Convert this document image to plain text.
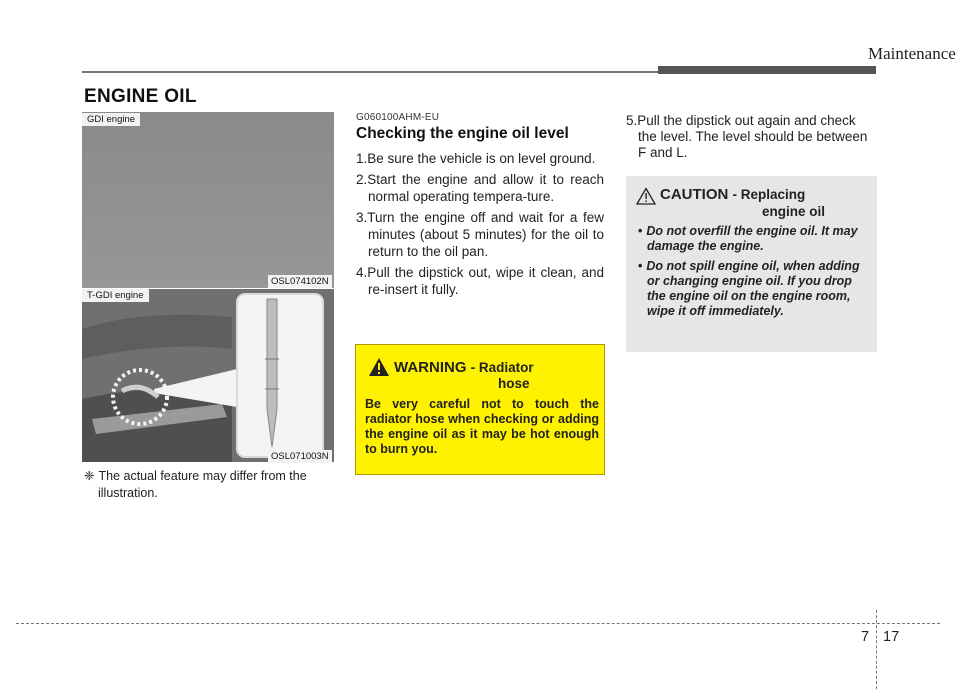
Maintenance
ENGINE OIL
GDI engine
OSL074102N
T-GDI engine
OSL071003N
❈ The actual feature may differ from the illustration.
G060100AHM-EU
Checking the engine oil level
1.Be sure the vehicle is on level ground.
2.Start the engine and allow it to reach normal operating tempera-ture.
3.Turn the engine off and wait for a few minutes (about 5 minutes) for the oil to return to the oil pan.
4.Pull the dipstick out, wipe it clean, and re-insert it fully.
WARNING - Radiator
hose
Be very careful not to touch the radiator hose when checking or adding the engine oil as it may be hot enough to burn you.
5.Pull the dipstick out again and check the level. The level should be between F and L.
CAUTION - Replacing
engine oil
• Do not overfill the engine oil. It may damage the engine.
• Do not spill engine oil, when adding or changing engine oil. If you drop the engine oil on the engine room, wipe it off immediately.
7 17
